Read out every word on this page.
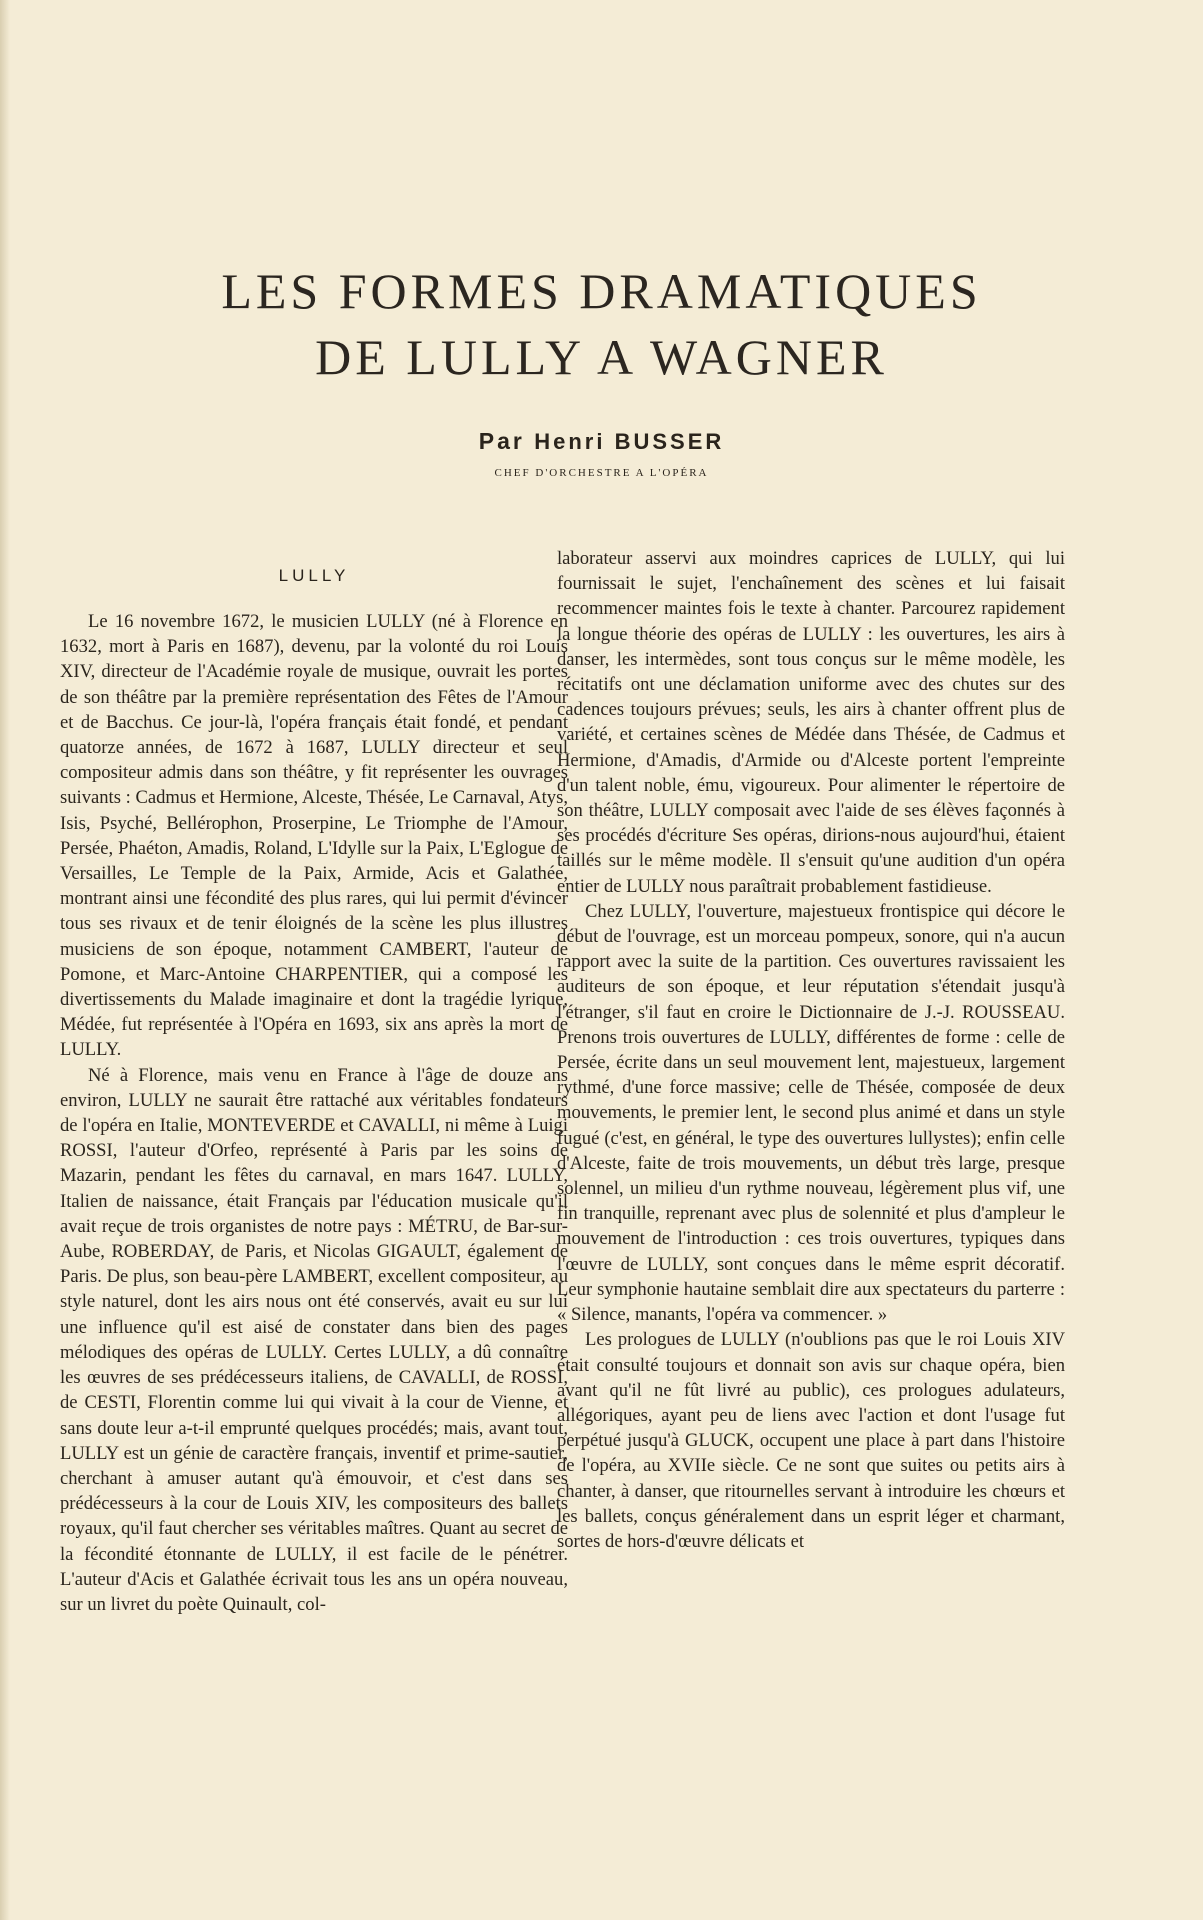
LES FORMES DRAMATIQUES
DE LULLY A WAGNER
Par Henri BUSSER
CHEF D'ORCHESTRE A L'OPÉRA
LULLY

Le 16 novembre 1672, le musicien LULLY (né à Florence en 1632, mort à Paris en 1687), devenu, par la volonté du roi Louis XIV, directeur de l'Académie royale de musique, ouvrait les portes de son théâtre par la première représentation des Fêtes de l'Amour et de Bacchus. Ce jour-là, l'opéra français était fondé, et pendant quatorze années, de 1672 à 1687, LULLY directeur et seul compositeur admis dans son théâtre, y fit représenter les ouvrages suivants : Cadmus et Hermione, Alceste, Thésée, Le Carnaval, Atys, Isis, Psyché, Bellérophon, Proserpine, Le Triomphe de l'Amour, Persée, Phaéton, Amadis, Roland, L'Idylle sur la Paix, L'Eglogue de Versailles, Le Temple de la Paix, Armide, Acis et Galathée, montrant ainsi une fécondité des plus rares, qui lui permit d'évincer tous ses rivaux et de tenir éloignés de la scène les plus illustres musiciens de son époque, notamment CAMBERT, l'auteur de Pomone, et Marc-Antoine CHARPENTIER, qui a composé les divertissements du Malade imaginaire et dont la tragédie lyrique, Médée, fut représentée à l'Opéra en 1693, six ans après la mort de LULLY.

Né à Florence, mais venu en France à l'âge de douze ans environ, LULLY ne saurait être rattaché aux véritables fondateurs de l'opéra en Italie, MONTEVERDE et CAVALLI, ni même à Luigi ROSSI, l'auteur d'Orfeo, représenté à Paris par les soins de Mazarin, pendant les fêtes du carnaval, en mars 1647. LULLY, Italien de naissance, était Français par l'éducation musicale qu'il avait reçue de trois organistes de notre pays : MÉTRU, de Bar-sur-Aube, ROBERDAY, de Paris, et Nicolas GIGAULT, également de Paris. De plus, son beau-père LAMBERT, excellent compositeur, au style naturel, dont les airs nous ont été conservés, avait eu sur lui une influence qu'il est aisé de constater dans bien des pages mélodiques des opéras de LULLY. Certes LULLY, a dû connaître les œuvres de ses prédécesseurs italiens, de CAVALLI, de ROSSI, de CESTI, Florentin comme lui qui vivait à la cour de Vienne, et sans doute leur a-t-il emprunté quelques procédés; mais, avant tout, LULLY est un génie de caractère français, inventif et prime-sautier, cherchant à amuser autant qu'à émouvoir, et c'est dans ses prédécesseurs à la cour de Louis XIV, les compositeurs des ballets royaux, qu'il faut chercher ses véritables maîtres. Quant au secret de la fécondité étonnante de LULLY, il est facile de le pénétrer. L'auteur d'Acis et Galathée écrivait tous les ans un opéra nouveau, sur un livret du poète Quinault, col-

laborateur asservi aux moindres caprices de LULLY, qui lui fournissait le sujet, l'enchaînement des scènes et lui faisait recommencer maintes fois le texte à chanter. Parcourez rapidement la longue théorie des opéras de LULLY : les ouvertures, les airs à danser, les intermèdes, sont tous conçus sur le même modèle, les récitatifs ont une déclamation uniforme avec des chutes sur des cadences toujours prévues; seuls, les airs à chanter offrent plus de variété, et certaines scènes de Médée dans Thésée, de Cadmus et Hermione, d'Amadis, d'Armide ou d'Alceste portent l'empreinte d'un talent noble, ému, vigoureux. Pour alimenter le répertoire de son théâtre, LULLY composait avec l'aide de ses élèves façonnés à ses procédés d'écriture Ses opéras, dirions-nous aujourd'hui, étaient taillés sur le même modèle. Il s'ensuit qu'une audition d'un opéra entier de LULLY nous paraîtrait probablement fastidieuse.

Chez LULLY, l'ouverture, majestueux frontispice qui décore le début de l'ouvrage, est un morceau pompeux, sonore, qui n'a aucun rapport avec la suite de la partition. Ces ouvertures ravissaient les auditeurs de son époque, et leur réputation s'étendait jusqu'à l'étranger, s'il faut en croire le Dictionnaire de J.-J. ROUSSEAU. Prenons trois ouvertures de LULLY, différentes de forme : celle de Persée, écrite dans un seul mouvement lent, majestueux, largement rythmé, d'une force massive; celle de Thésée, composée de deux mouvements, le premier lent, le second plus animé et dans un style fugué (c'est, en général, le type des ouvertures lullystes); enfin celle d'Alceste, faite de trois mouvements, un début très large, presque solennel, un milieu d'un rythme nouveau, légèrement plus vif, une fin tranquille, reprenant avec plus de solennité et plus d'ampleur le mouvement de l'introduction : ces trois ouvertures, typiques dans l'œuvre de LULLY, sont conçues dans le même esprit décoratif. Leur symphonie hautaine semblait dire aux spectateurs du parterre : « Silence, manants, l'opéra va commencer. »

Les prologues de LULLY (n'oublions pas que le roi Louis XIV était consulté toujours et donnait son avis sur chaque opéra, bien avant qu'il ne fût livré au public), ces prologues adulateurs, allégoriques, ayant peu de liens avec l'action et dont l'usage fut perpétué jusqu'à GLUCK, occupent une place à part dans l'histoire de l'opéra, au XVIIe siècle. Ce ne sont que suites ou petits airs à chanter, à danser, que ritournelles servant à introduire les chœurs et les ballets, conçus généralement dans un esprit léger et charmant, sortes de hors-d'œuvre délicats et
